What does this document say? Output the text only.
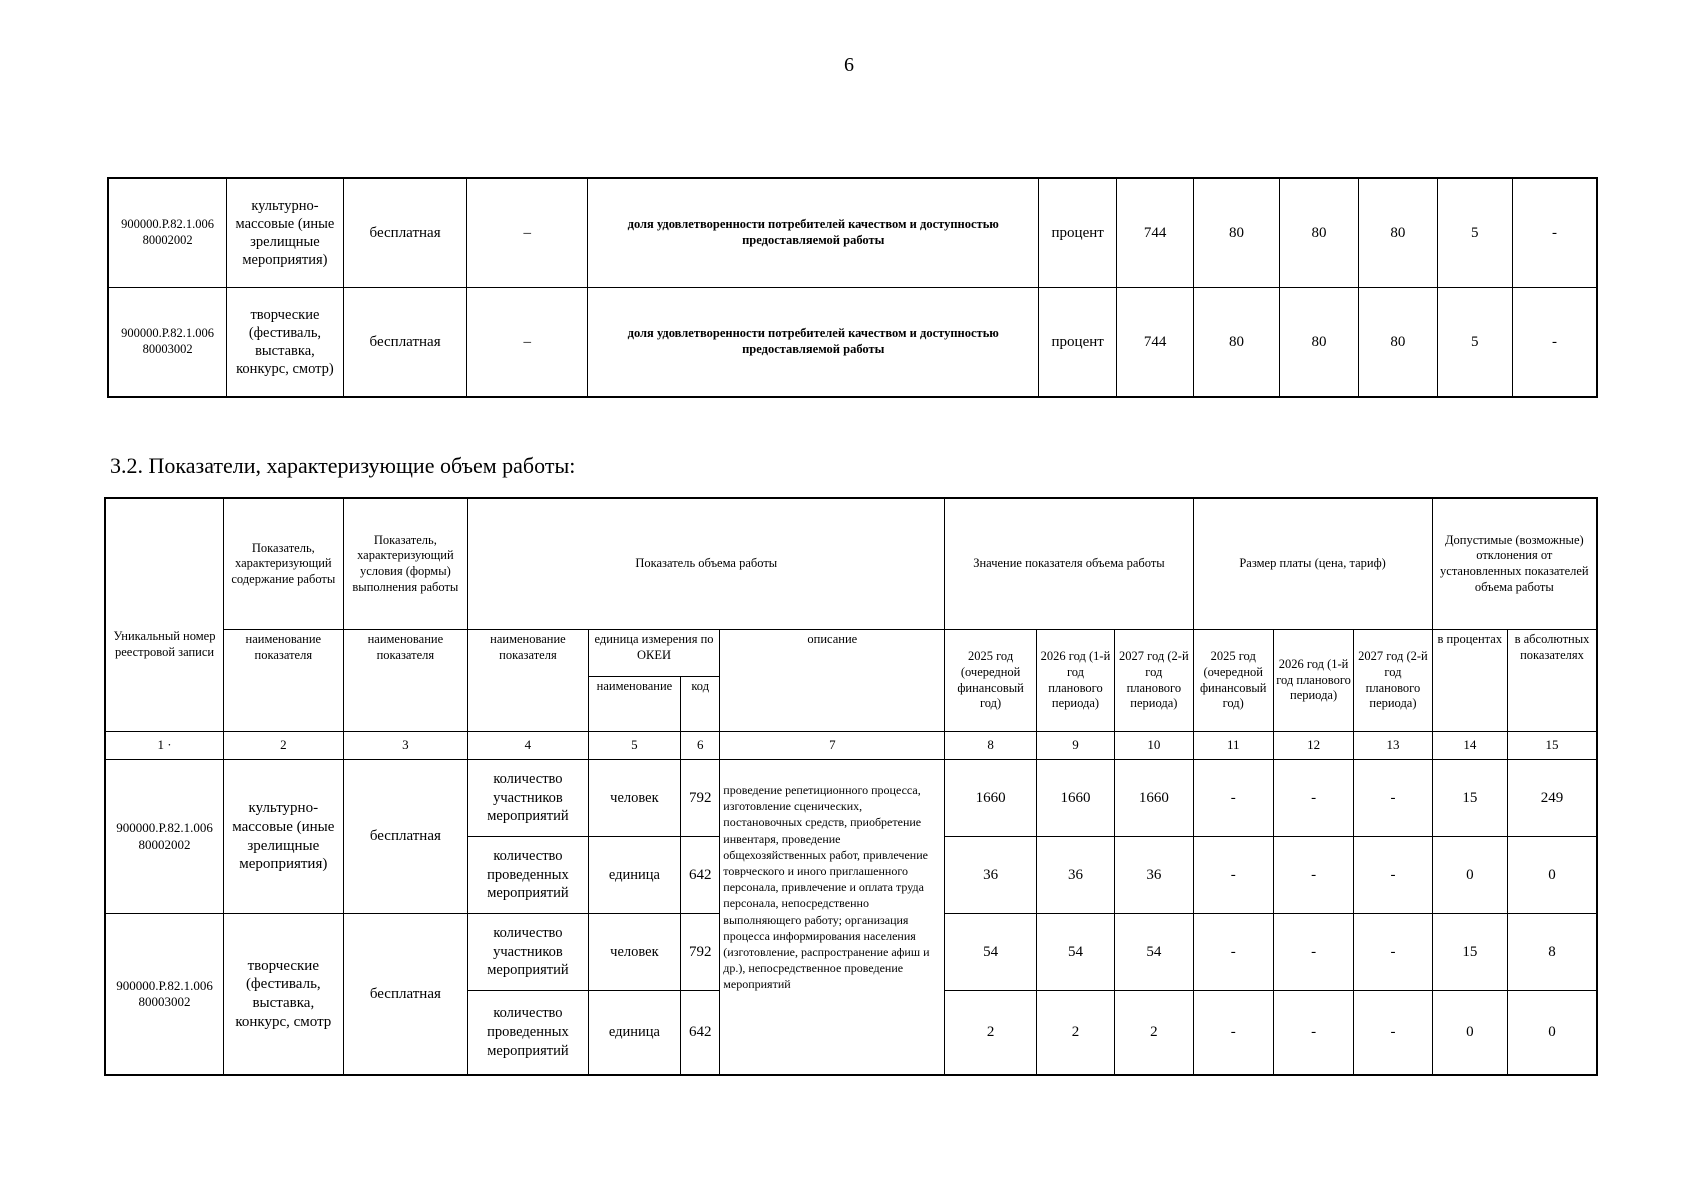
6
900000.Р.82.1.006 80002002	культурно-массовые (иные зрелищные мероприятия)	бесплатная	–	доля удовлетворенности потребителей качеством и доступностью предоставляемой работы	процент	744	80	80	80	5	-
900000.Р.82.1.006 80003002	творческие (фестиваль, выставка, конкурс, смотр)	бесплатная	–	доля удовлетворенности потребителей качеством и доступностью предоставляемой работы	процент	744	80	80	80	5	-
3.2. Показатели, характеризующие объем работы:
Уникальный номер реестровой записи	Показатель, характеризующий содержание работы	Показатель, характеризующий условия (формы) выполнения работы	Показатель объема работы				Значение показателя объема работы			Размер платы (цена, тариф)			Допустимые (возможные) отклонения от установленных показателей объема работы	
	наименование показателя	наименование показателя	наименование показателя	единица измерения по ОКЕИ		описание	2025 год (очередной финансовый год)	2026 год (1-й год планового периода)	2027 год (2-й год планового периода)	2025 год (очередной финансовый год)	2026 год (1-й год планового периода)	2027 год (2-й год планового периода)	в процентах	в абсолютных показателях
				наименование	код									
1 ·	2	3	4	5	6	7	8	9	10	11	12	13	14	15
900000.Р.82.1.006 80002002	культурно-массовые (иные зрелищные мероприятия)	бесплатная	количество участников мероприятий	человек	792	проведение репетиционного процесса, изготовление сценических, постановочных средств, приобретение инвентаря, проведение общехозяйственных работ, привлечение товрческого и иного приглашенного персонала, привлечение и оплата труда персонала, непосредственно выполняющего работу; организация процесса информирования населения (изготовление, распространение афиш и др.), непосредственное проведение мероприятий	1660	1660	1660	-	-	-	15	249
			количество проведенных мероприятий	единица	642		36	36	36	-	-	-	0	0
900000.Р.82.1.006 80003002	творческие (фестиваль, выставка, конкурс, смотр	бесплатная	количество участников мероприятий	человек	792		54	54	54	-	-	-	15	8
			количество проведенных мероприятий	единица	642		2	2	2	-	-	-	0	0
